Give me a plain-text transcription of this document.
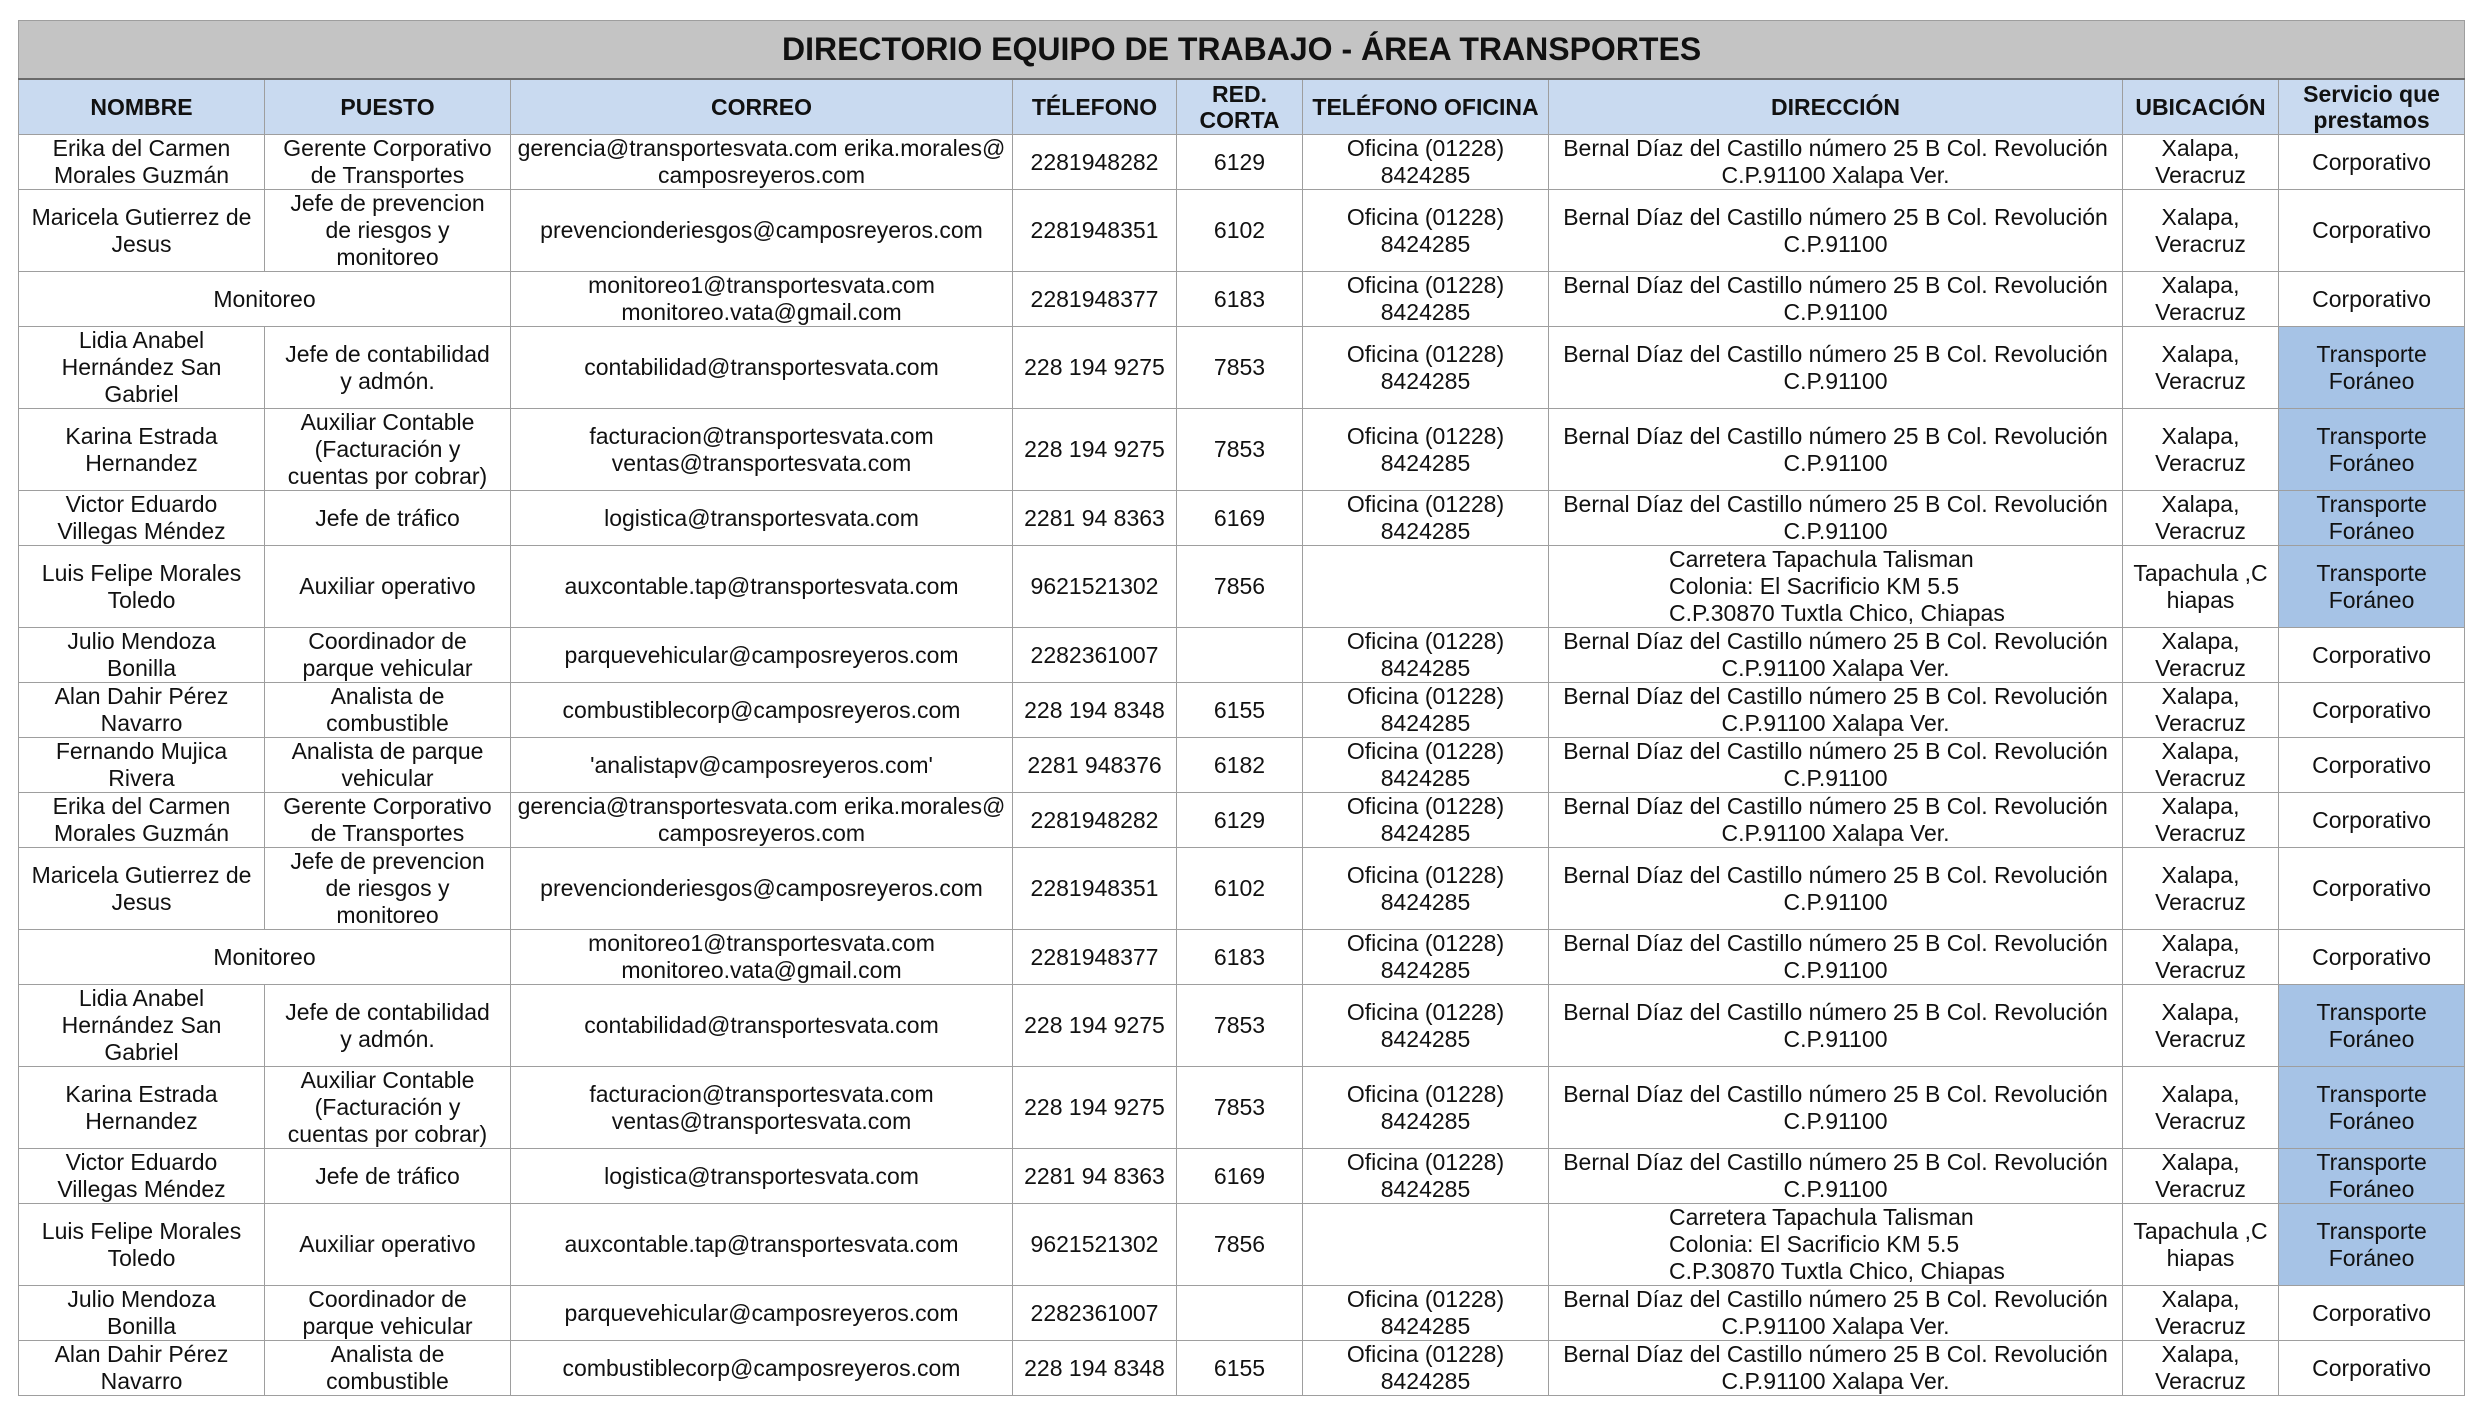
DIRECTORIO EQUIPO DE TRABAJO - ÁREA TRANSPORTES								
NOMBRE	PUESTO	CORREO	TÉLEFONO	RED.
CORTA	TELÉFONO OFICINA	DIRECCIÓN	UBICACIÓN	Servicio que
prestamos
Erika del Carmen
Morales Guzmán	Gerente Corporativo
de Transportes	gerencia@transportesvata.com erika.morales@
camposreyeros.com	2281948282	6129	Oficina (01228)
8424285	Bernal Díaz del Castillo número 25 B Col. Revolución
C.P.91100 Xalapa Ver.	Xalapa,
Veracruz	Corporativo
Maricela Gutierrez de
Jesus	Jefe de prevencion
de riesgos y
monitoreo	prevencionderiesgos@camposreyeros.com	2281948351	6102	Oficina (01228)
8424285	Bernal Díaz del Castillo número 25 B Col. Revolución
C.P.91100	Xalapa,
Veracruz	Corporativo
Monitoreo		monitoreo1@transportesvata.com
monitoreo.vata@gmail.com	2281948377	6183	Oficina (01228)
8424285	Bernal Díaz del Castillo número 25 B Col. Revolución
C.P.91100	Xalapa,
Veracruz	Corporativo
Lidia Anabel
Hernández San
Gabriel	Jefe de contabilidad
y admón.	contabilidad@transportesvata.com	228 194 9275	7853	Oficina (01228)
8424285	Bernal Díaz del Castillo número 25 B Col. Revolución
C.P.91100	Xalapa,
Veracruz	Transporte
Foráneo
Karina Estrada
Hernandez	Auxiliar Contable
(Facturación y
cuentas por cobrar)	facturacion@transportesvata.com
ventas@transportesvata.com	228 194 9275	7853	Oficina (01228)
8424285	Bernal Díaz del Castillo número 25 B Col. Revolución
C.P.91100	Xalapa,
Veracruz	Transporte
Foráneo
Victor Eduardo
Villegas Méndez	Jefe de tráfico	logistica@transportesvata.com	2281 94 8363	6169	Oficina (01228)
8424285	Bernal Díaz del Castillo número 25 B Col. Revolución
C.P.91100	Xalapa,
Veracruz	Transporte
Foráneo
Luis Felipe Morales
Toledo	Auxiliar operativo	auxcontable.tap@transportesvata.com	9621521302	7856		Carretera Tapachula Talisman
Colonia: El Sacrificio KM 5.5
C.P.30870 Tuxtla Chico, Chiapas	Tapachula ,C
hiapas	Transporte
Foráneo
Julio Mendoza
Bonilla	Coordinador de
parque vehicular	parquevehicular@camposreyeros.com	2282361007		Oficina (01228)
8424285	Bernal Díaz del Castillo número 25 B Col. Revolución
C.P.91100 Xalapa Ver.	Xalapa,
Veracruz	Corporativo
Alan Dahir Pérez
Navarro	Analista de
combustible	combustiblecorp@camposreyeros.com	228 194 8348	6155	Oficina (01228)
8424285	Bernal Díaz del Castillo número 25 B Col. Revolución
C.P.91100 Xalapa Ver.	Xalapa,
Veracruz	Corporativo
Fernando Mujica
Rivera	Analista de parque
vehicular	'analistapv@camposreyeros.com'	2281 948376	6182	Oficina (01228)
8424285	Bernal Díaz del Castillo número 25 B Col. Revolución
C.P.91100	Xalapa,
Veracruz	Corporativo
Erika del Carmen
Morales Guzmán	Gerente Corporativo
de Transportes	gerencia@transportesvata.com erika.morales@
camposreyeros.com	2281948282	6129	Oficina (01228)
8424285	Bernal Díaz del Castillo número 25 B Col. Revolución
C.P.91100 Xalapa Ver.	Xalapa,
Veracruz	Corporativo
Maricela Gutierrez de
Jesus	Jefe de prevencion
de riesgos y
monitoreo	prevencionderiesgos@camposreyeros.com	2281948351	6102	Oficina (01228)
8424285	Bernal Díaz del Castillo número 25 B Col. Revolución
C.P.91100	Xalapa,
Veracruz	Corporativo
Monitoreo		monitoreo1@transportesvata.com
monitoreo.vata@gmail.com	2281948377	6183	Oficina (01228)
8424285	Bernal Díaz del Castillo número 25 B Col. Revolución
C.P.91100	Xalapa,
Veracruz	Corporativo
Lidia Anabel
Hernández San
Gabriel	Jefe de contabilidad
y admón.	contabilidad@transportesvata.com	228 194 9275	7853	Oficina (01228)
8424285	Bernal Díaz del Castillo número 25 B Col. Revolución
C.P.91100	Xalapa,
Veracruz	Transporte
Foráneo
Karina Estrada
Hernandez	Auxiliar Contable
(Facturación y
cuentas por cobrar)	facturacion@transportesvata.com
ventas@transportesvata.com	228 194 9275	7853	Oficina (01228)
8424285	Bernal Díaz del Castillo número 25 B Col. Revolución
C.P.91100	Xalapa,
Veracruz	Transporte
Foráneo
Victor Eduardo
Villegas Méndez	Jefe de tráfico	logistica@transportesvata.com	2281 94 8363	6169	Oficina (01228)
8424285	Bernal Díaz del Castillo número 25 B Col. Revolución
C.P.91100	Xalapa,
Veracruz	Transporte
Foráneo
Luis Felipe Morales
Toledo	Auxiliar operativo	auxcontable.tap@transportesvata.com	9621521302	7856		Carretera Tapachula Talisman
Colonia: El Sacrificio KM 5.5
C.P.30870 Tuxtla Chico, Chiapas	Tapachula ,C
hiapas	Transporte
Foráneo
Julio Mendoza
Bonilla	Coordinador de
parque vehicular	parquevehicular@camposreyeros.com	2282361007		Oficina (01228)
8424285	Bernal Díaz del Castillo número 25 B Col. Revolución
C.P.91100 Xalapa Ver.	Xalapa,
Veracruz	Corporativo
Alan Dahir Pérez
Navarro	Analista de
combustible	combustiblecorp@camposreyeros.com	228 194 8348	6155	Oficina (01228)
8424285	Bernal Díaz del Castillo número 25 B Col. Revolución
C.P.91100 Xalapa Ver.	Xalapa,
Veracruz	Corporativo
